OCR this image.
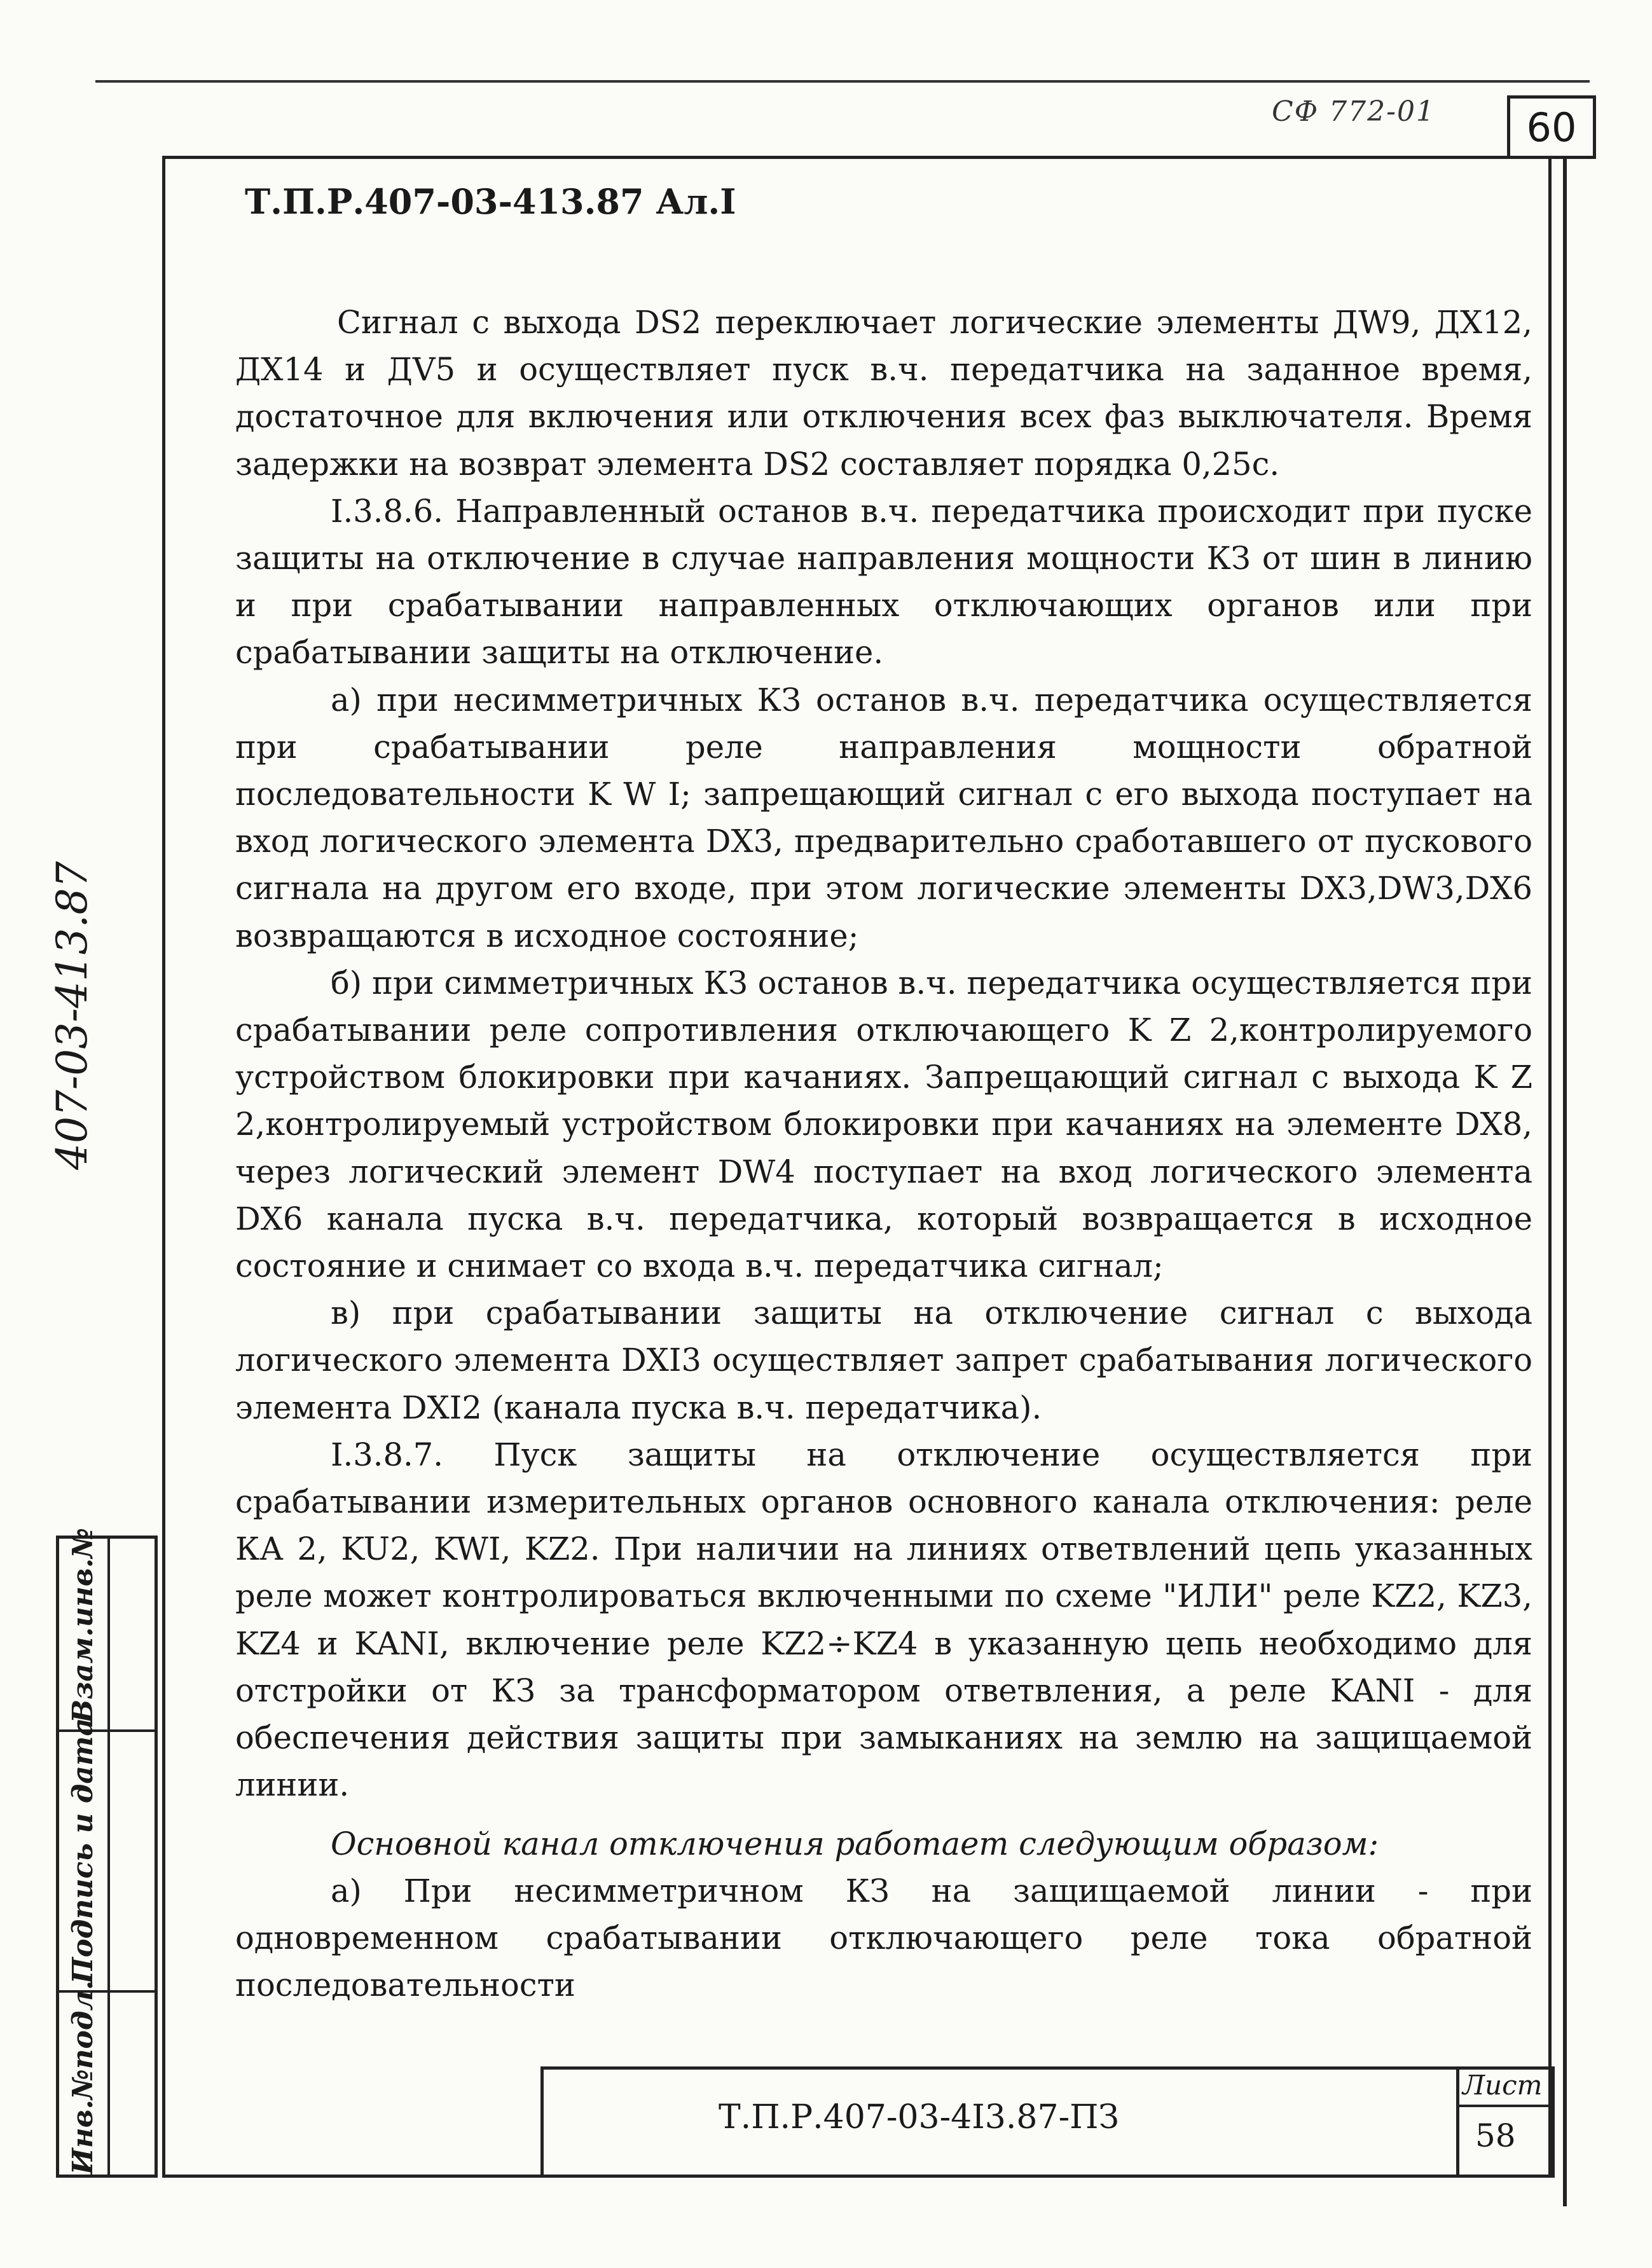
СФ 772-01 60
Т.П.Р.407-03-413.87 Ал.I

Сигнал с выхода DS2 переключает логические элементы ДW9, ДX12, ДX14 и ДV5 и осуществляет пуск в.ч. передатчика на заданное время, достаточное для включения или отключения всех фаз выключателя. Время задержки на возврат элемента DS2 составляет порядка 0,25с.

I.3.8.6. Направленный останов в.ч. передатчика происходит при пуске защиты на отключение в случае направления мощности КЗ от шин в линию и при срабатывании направленных отключающих органов или при срабатывании защиты на отключение.

а) при несимметричных КЗ останов в.ч. передатчика осуществляется при срабатывании реле направления мощности обратной последовательности K W I; запрещающий сигнал с его выхода поступает на вход логического элемента DX3, предварительно сработавшего от пускового сигнала на другом его входе, при этом логические элементы DX3,DW3,DX6 возвращаются в исходное состояние;

б) при симметричных КЗ останов в.ч. передатчика осуществляется при срабатывании реле сопротивления отключающего K Z 2,контролируемого устройством блокировки при качаниях. Запрещающий сигнал с выхода K Z 2,контролируемый устройством блокировки при качаниях на элементе DX8, через логический элемент DW4 поступает на вход логического элемента DX6 канала пуска в.ч. передатчика, который возвращается в исходное состояние и снимает со входа в.ч. передатчика сигнал;

в) при срабатывании защиты на отключение сигнал с выхода логического элемента DXI3 осуществляет запрет срабатывания логического элемента DXI2 (канала пуска в.ч. передатчика).

I.3.8.7. Пуск защиты на отключение осуществляется при срабатывании измерительных органов основного канала отключения: реле КА 2, KU2, KWI, KZ2. При наличии на линиях ответвлений цепь указанных реле может контролироваться включенными по схеме "ИЛИ" реле KZ2, KZ3, KZ4 и KANI, включение реле KZ2÷KZ4 в указанную цепь необходимо для отстройки от КЗ за трансформатором ответвления, а реле KANI - для обеспечения действия защиты при замыканиях на землю на защищаемой линии.

Основной канал отключения работает следующим образом:

а) При несимметричном КЗ на защищаемой линии - при одновременном срабатывании отключающего реле тока обратной последовательности

407-03-413.87
Взам.инв.№
Подпись и дата
Инв.№подл.	Т.П.Р.407-03-4I3.87-ПЗ
Лист
58
